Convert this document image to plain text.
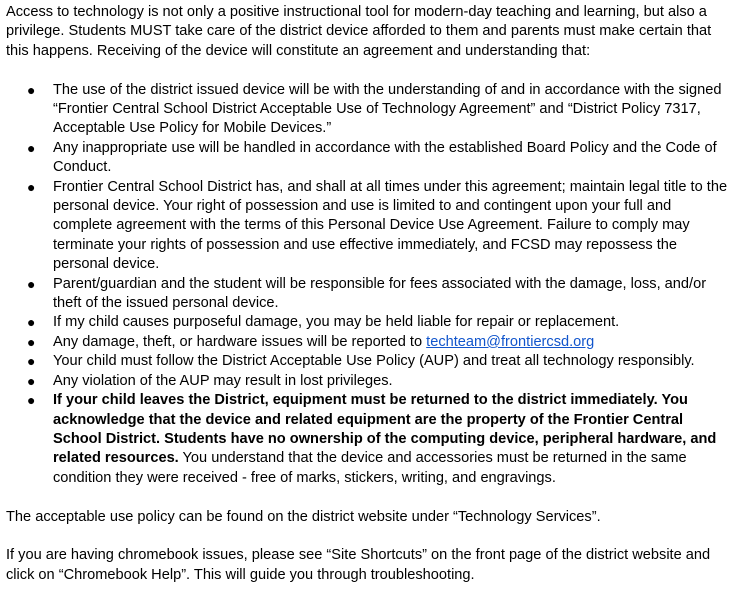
Access to technology is not only a positive instructional tool for modern-day teaching and learning, but also a privilege. Students MUST take care of the district device afforded to them and parents must make certain that this happens. Receiving of the device will constitute an agreement and understanding that:

● The use of the district issued device will be with the understanding of and in accordance with the signed “Frontier Central School District Acceptable Use of Technology Agreement” and “District Policy 7317, Acceptable Use Policy for Mobile Devices.”
● Any inappropriate use will be handled in accordance with the established Board Policy and the Code of Conduct.
● Frontier Central School District has, and shall at all times under this agreement; maintain legal title to the personal device. Your right of possession and use is limited to and contingent upon your full and complete agreement with the terms of this Personal Device Use Agreement. Failure to comply may terminate your rights of possession and use effective immediately, and FCSD may repossess the personal device.
● Parent/guardian and the student will be responsible for fees associated with the damage, loss, and/or theft of the issued personal device.
● If my child causes purposeful damage, you may be held liable for repair or replacement.
● Any damage, theft, or hardware issues will be reported to techteam@frontiercsd.org
● Your child must follow the District Acceptable Use Policy (AUP) and treat all technology responsibly.
● Any violation of the AUP may result in lost privileges.
● If your child leaves the District, equipment must be returned to the district immediately. You acknowledge that the device and related equipment are the property of the Frontier Central School District. Students have no ownership of the computing device, peripheral hardware, and related resources. You understand that the device and accessories must be returned in the same condition they were received - free of marks, stickers, writing, and engravings.

The acceptable use policy can be found on the district website under “Technology Services”.

If you are having chromebook issues, please see “Site Shortcuts” on the front page of the district website and click on “Chromebook Help”. This will guide you through troubleshooting.
